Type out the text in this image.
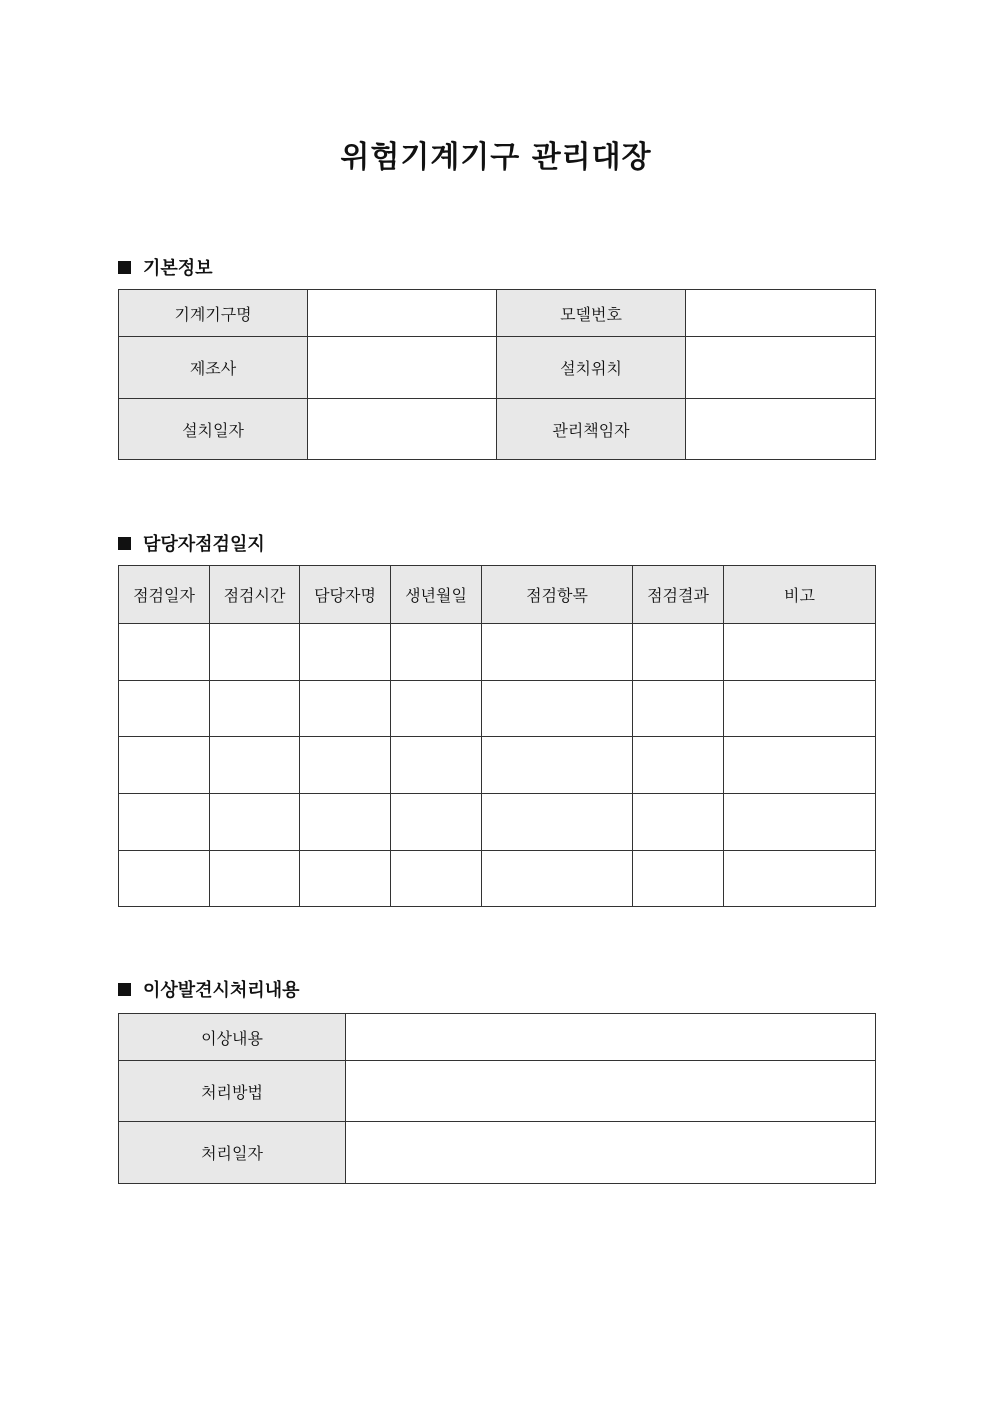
위험기계기구 관리대장
기본정보
기계기구명		모델번호	
제조사		설치위치	
설치일자		관리책임자	
담당자점검일지
점검일자	점검시간	담당자명	생년월일	점검항목	점검결과	비고

이상발견시처리내용
이상내용	
처리방법	
처리일자	
